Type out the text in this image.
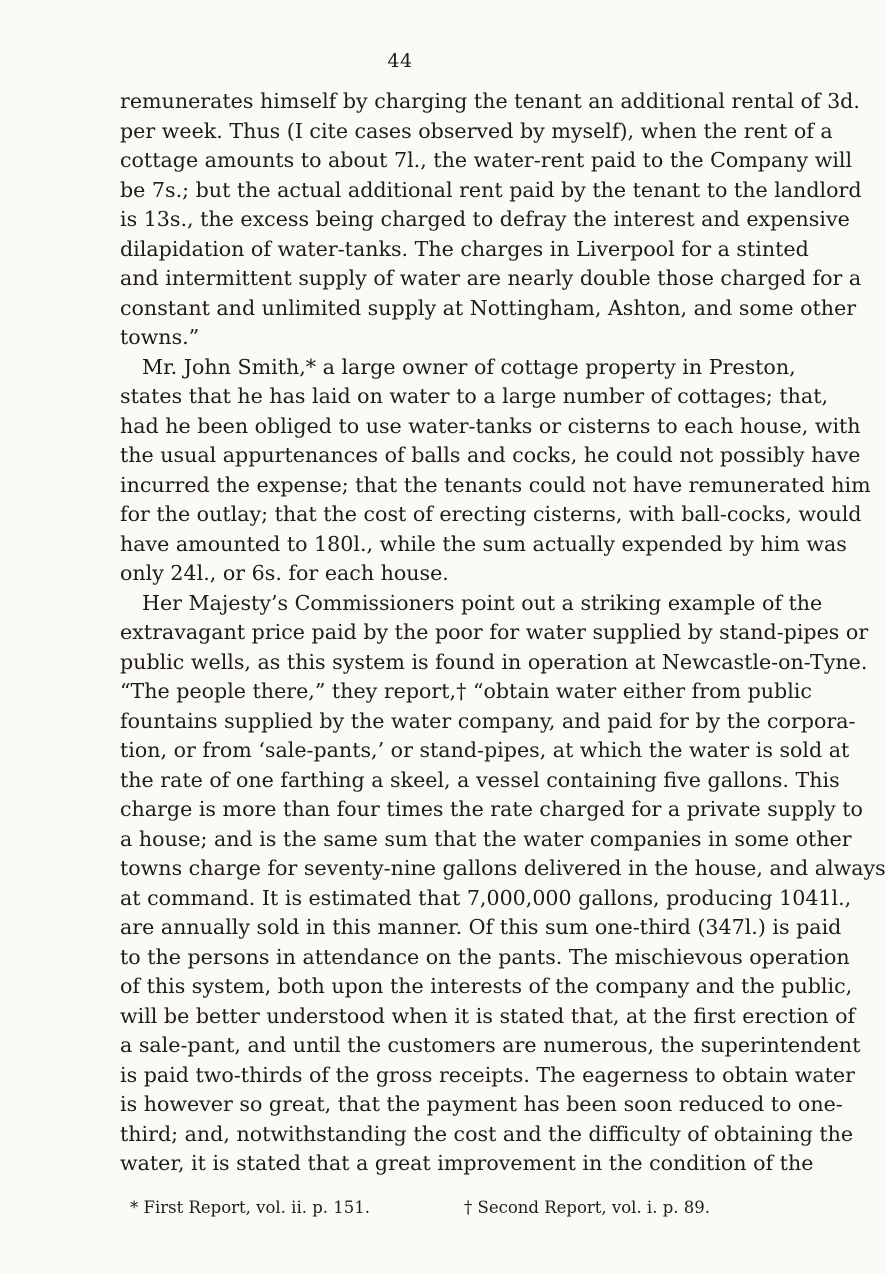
44
remunerates himself by charging the tenant an additional rental of 3d.
per week. Thus (I cite cases observed by myself), when the rent of a
cottage amounts to about 7l., the water-rent paid to the Company will
be 7s.; but the actual additional rent paid by the tenant to the landlord
is 13s., the excess being charged to defray the interest and expensive
dilapidation of water-tanks. The charges in Liverpool for a stinted
and intermittent supply of water are nearly double those charged for a
constant and unlimited supply at Nottingham, Ashton, and some other
towns.”
Mr. John Smith,* a large owner of cottage property in Preston,
states that he has laid on water to a large number of cottages; that,
had he been obliged to use water-tanks or cisterns to each house, with
the usual appurtenances of balls and cocks, he could not possibly have
incurred the expense; that the tenants could not have remunerated him
for the outlay; that the cost of erecting cisterns, with ball-cocks, would
have amounted to 180l., while the sum actually expended by him was
only 24l., or 6s. for each house.
Her Majesty’s Commissioners point out a striking example of the
extravagant price paid by the poor for water supplied by stand-pipes or
public wells, as this system is found in operation at Newcastle-on-Tyne.
“The people there,” they report,† “obtain water either from public
fountains supplied by the water company, and paid for by the corpora-
tion, or from ‘sale-pants,’ or stand-pipes, at which the water is sold at
the rate of one farthing a skeel, a vessel containing five gallons. This
charge is more than four times the rate charged for a private supply to
a house; and is the same sum that the water companies in some other
towns charge for seventy-nine gallons delivered in the house, and always
at command. It is estimated that 7,000,000 gallons, producing 1041l.,
are annually sold in this manner. Of this sum one-third (347l.) is paid
to the persons in attendance on the pants. The mischievous operation
of this system, both upon the interests of the company and the public,
will be better understood when it is stated that, at the first erection of
a sale-pant, and until the customers are numerous, the superintendent
is paid two-thirds of the gross receipts. The eagerness to obtain water
is however so great, that the payment has been soon reduced to one-
third; and, notwithstanding the cost and the difficulty of obtaining the
water, it is stated that a great improvement in the condition of the
* First Report, vol. ii. p. 151.	† Second Report, vol. i. p. 89.
